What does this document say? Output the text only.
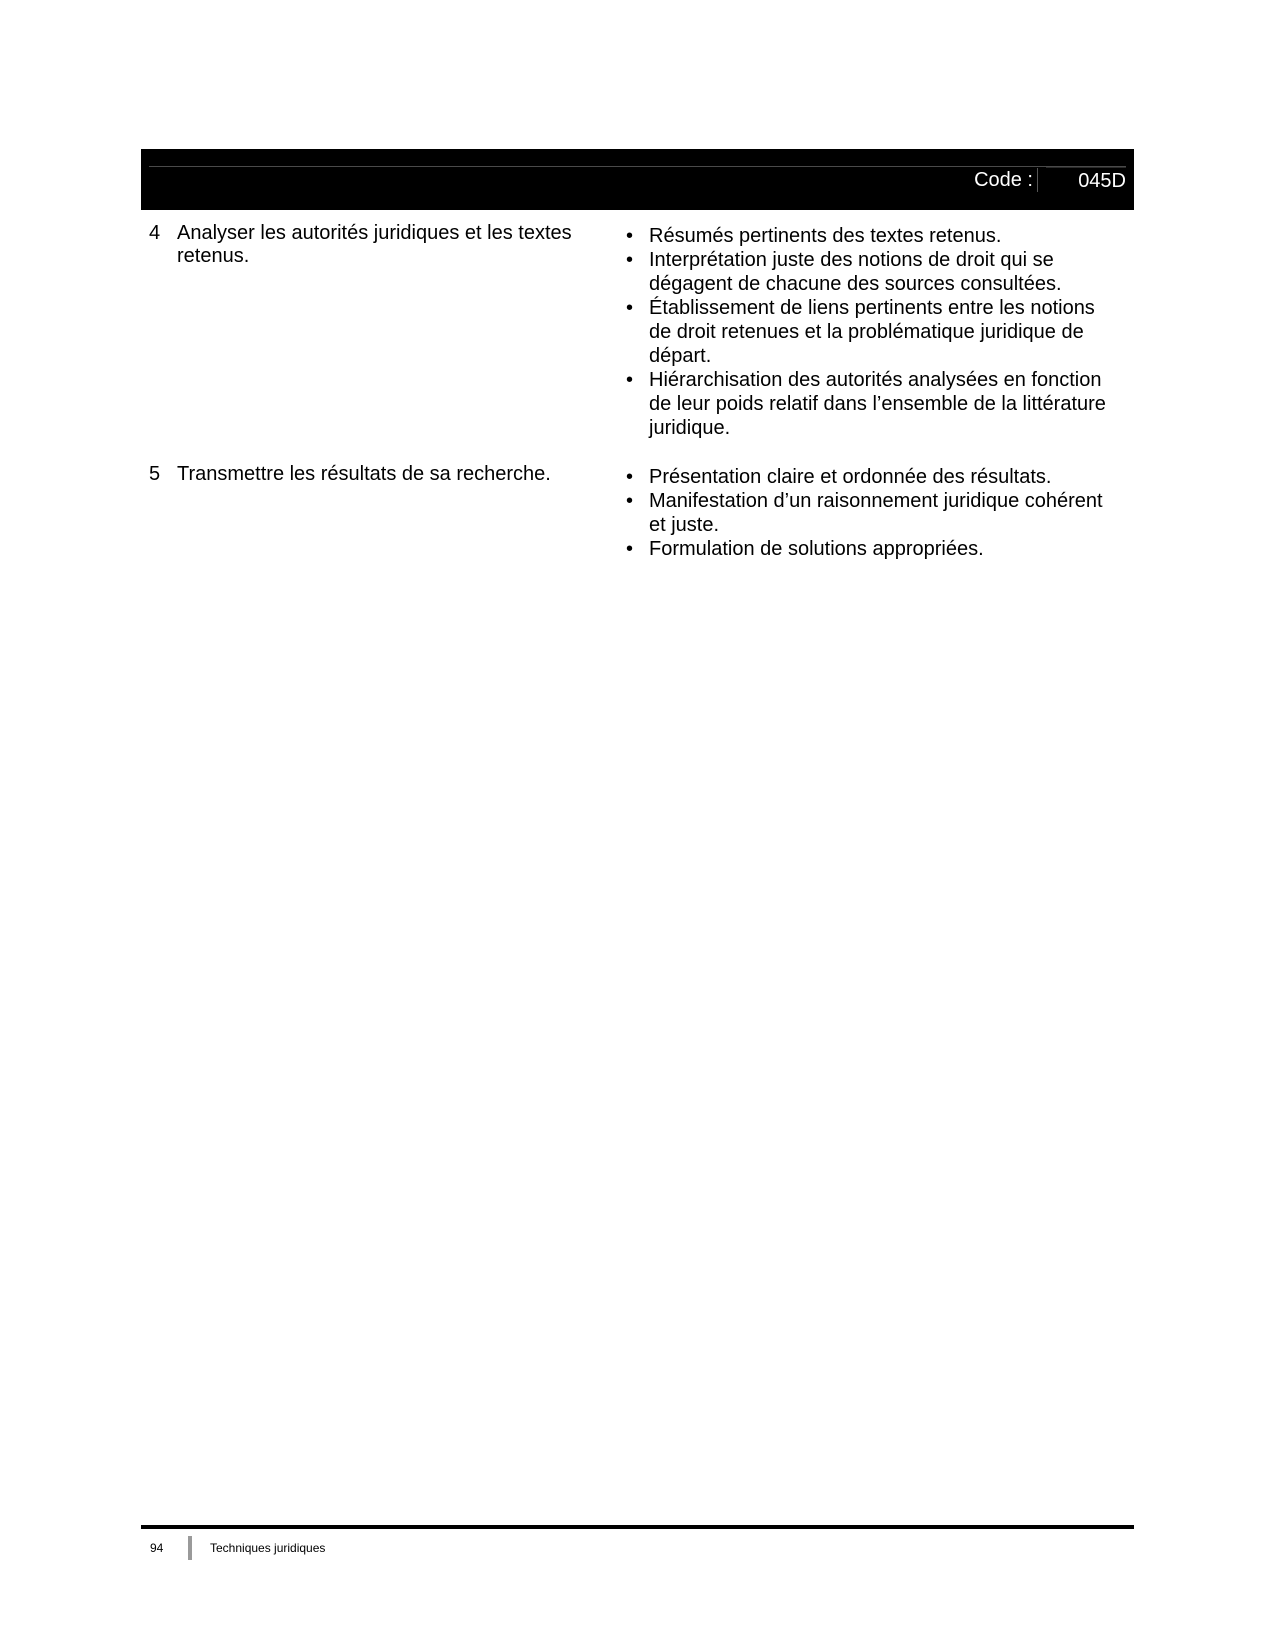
Code : 045D
4 Analyser les autorités juridiques et les textes retenus.
• Résumés pertinents des textes retenus.
• Interprétation juste des notions de droit qui se dégagent de chacune des sources consultées.
• Établissement de liens pertinents entre les notions de droit retenues et la problématique juridique de départ.
• Hiérarchisation des autorités analysées en fonction de leur poids relatif dans l’ensemble de la littérature juridique.
5 Transmettre les résultats de sa recherche.
•	Présentation claire et ordonnée des résultats.
• Manifestation d’un raisonnement juridique cohérent et juste.
• Formulation de solutions appropriées.
94	Techniques juridiques
